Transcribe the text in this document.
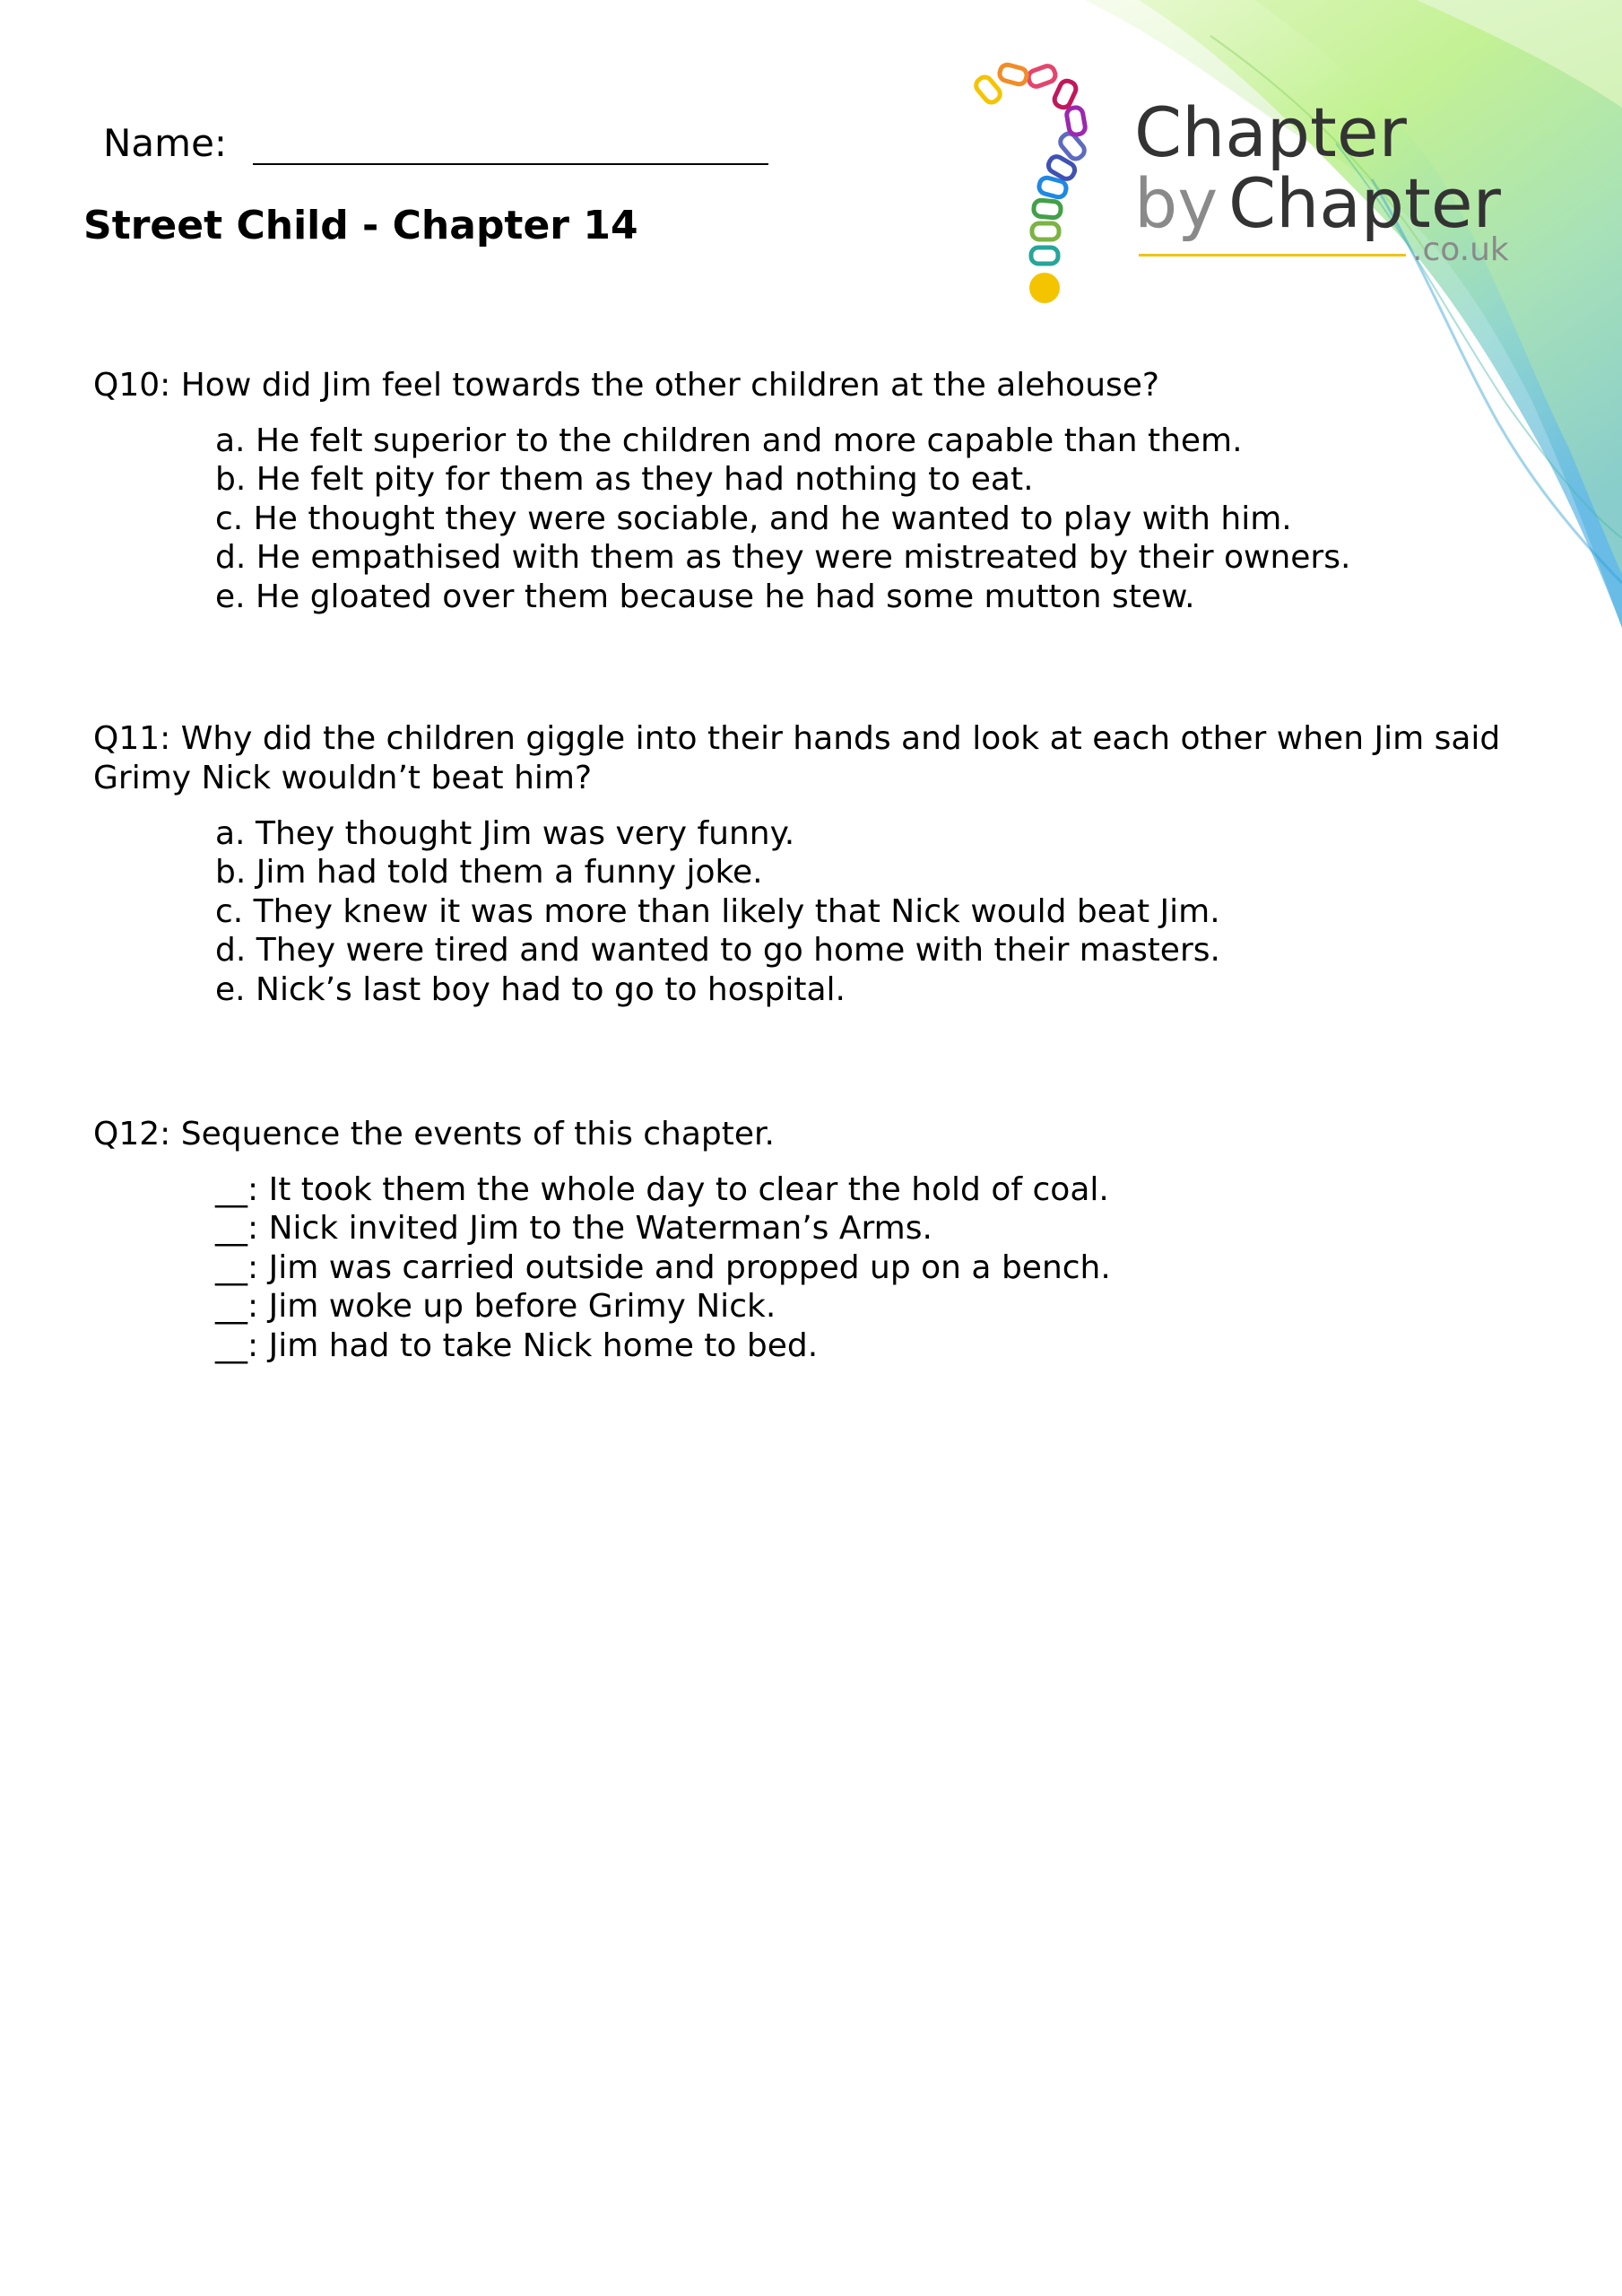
Chapter
by Chapter
.co.uk
Name:
Street Child - Chapter 14

Q10: How did Jim feel towards the other children at the alehouse?

a. He felt superior to the children and more capable than them.
b. He felt pity for them as they had nothing to eat.
c. He thought they were sociable, and he wanted to play with him.
d. He empathised with them as they were mistreated by their owners.
e. He gloated over them because he had some mutton stew.

Q11: Why did the children giggle into their hands and look at each other when Jim said Grimy Nick wouldn’t beat him?

a. They thought Jim was very funny.
b. Jim had told them a funny joke.
c. They knew it was more than likely that Nick would beat Jim.
d. They were tired and wanted to go home with their masters.
e. Nick’s last boy had to go to hospital.

Q12: Sequence the events of this chapter.

__: It took them the whole day to clear the hold of coal.
__: Nick invited Jim to the Waterman’s Arms.
__: Jim was carried outside and propped up on a bench.
__: Jim woke up before Grimy Nick.
__: Jim had to take Nick home to bed.
